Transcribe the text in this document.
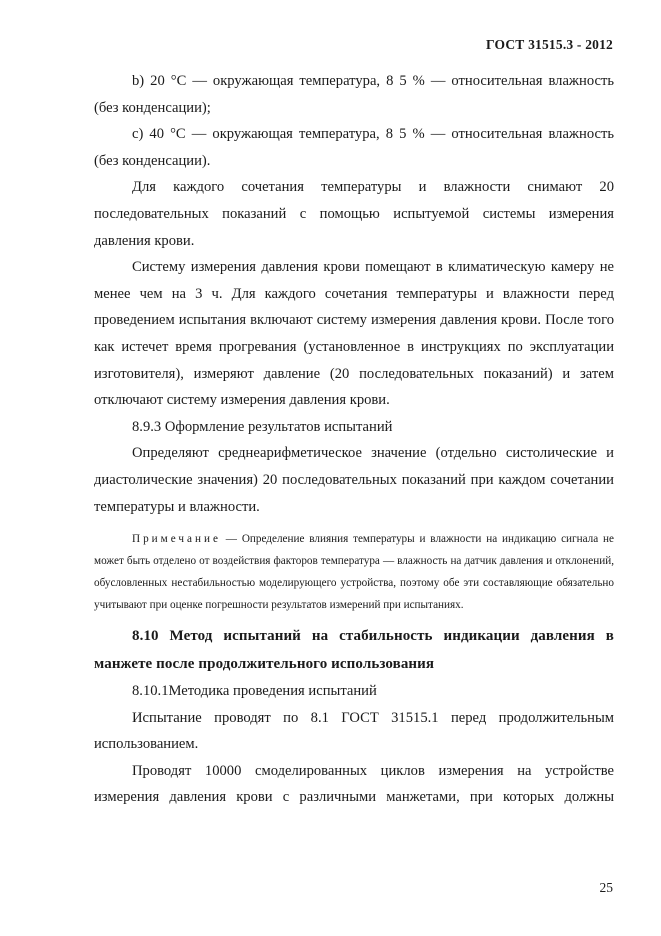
ГОСТ 31515.3 - 2012

b) 20 °С — окружающая температура, 8 5 % — относительная влажность (без конденсации);

с) 40 °С — окружающая температура, 8 5 % — относительная влажность (без конденсации).

Для каждого сочетания температуры и влажности снимают 20 последовательных показаний с помощью испытуемой системы измерения давления крови.

Систему измерения давления крови помещают в климатическую камеру не менее чем на 3 ч. Для каждого сочетания температуры и влажности перед проведением испытания включают систему измерения давления крови. После того как истечет время прогревания (установленное в инструкциях по эксплуатации изготовителя), измеряют давление (20 последовательных показаний) и затем отключают систему измерения давления крови.

8.9.3 Оформление результатов испытаний

Определяют среднеарифметическое значение (отдельно систолические и диастолические значения) 20 последовательных показаний при каждом сочетании температуры и влажности.

Примечание — Определение влияния температуры и влажности на индикацию сигнала не может быть отделено от воздействия факторов температура — влажность на датчик давления и отклонений, обусловленных нестабильностью моделирующего устройства, поэтому обе эти составляющие обязательно учитывают при оценке погрешности результатов измерений при испытаниях.

8.10 Метод испытаний на стабильность индикации давления в манжете после продолжительного использования

8.10.1Методика проведения испытаний

Испытание проводят по 8.1 ГОСТ 31515.1 перед продолжительным использованием.

Проводят 10000 смоделированных циклов измерения на устройстве измерения давления крови с различными манжетами, при которых должны

25
